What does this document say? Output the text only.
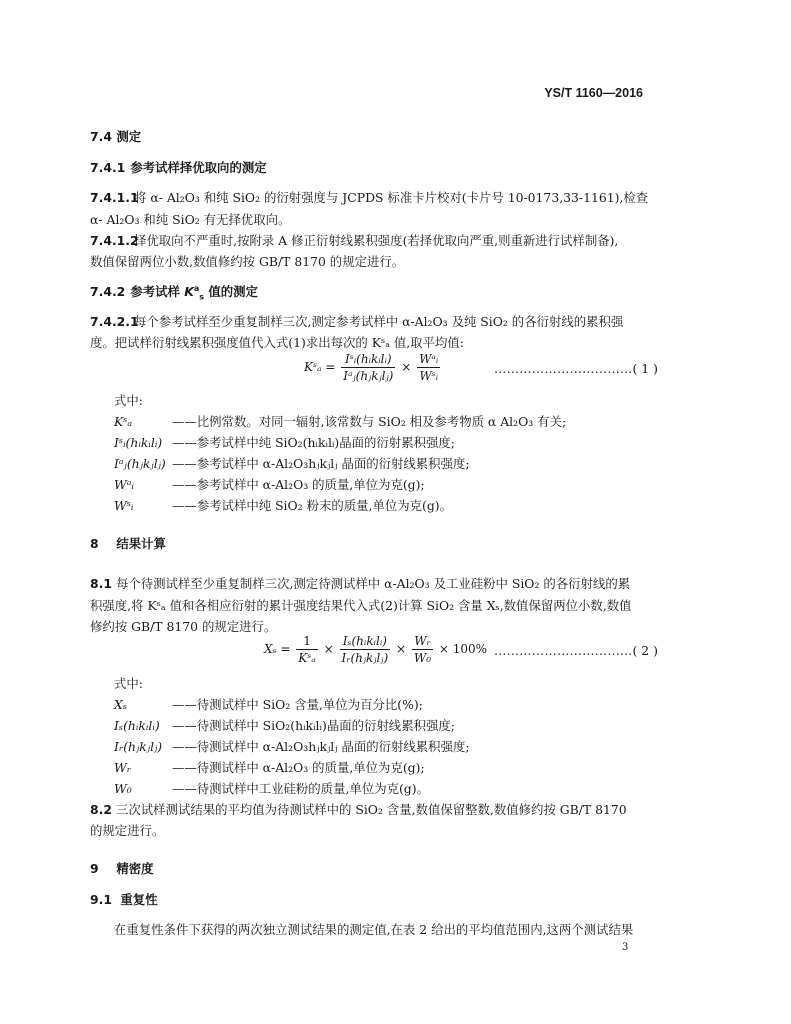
YS/T 1160—2016
7.4 测定
7.4.1 参考试样择优取向的测定
7.4.1.1将 α- Al₂O₃ 和纯 SiO₂ 的衍射强度与 JCPDS 标准卡片校对(卡片号 10-0173,33-1161),检查
α- Al₂O₃ 和纯 SiO₂ 有无择优取向。
7.4.1.2择优取向不严重时,按附录 A 修正衍射线累积强度(若择优取向严重,则重新进行试样制备),
数值保留两位小数,数值修约按 GB/T 8170 的规定进行。
7.4.2 参考试样 $K^a_s$ 值的测定
7.4.2.1每个参考试样至少重复制样三次,测定参考试样中 α-Al₂O₃ 及纯 SiO₂ 的各衍射线的累积强
度。把试样衍射线累积强度值代入式(1)求出每次的 Kˢₐ 值,取平均值:
Kˢₐ = $\frac{\text{Iˢᵢ(hᵢkᵢlᵢ)}}{\text{Iᵃⱼ(hⱼkⱼlⱼ)}} \times \frac{\text{Wᵃᵢ}}{\text{Wˢᵢ}}$	……………………………( 1 )
式中:
Kˢₐ	——比例常数。对同一辐射,该常数与 SiO₂ 相及参考物质 α Al₂O₃ 有关;
Iˢᵢ(hᵢkᵢlᵢ) ——参考试样中纯 SiO₂(hᵢkᵢlᵢ)晶面的衍射累积强度;
Iᵃⱼ(hⱼkⱼlⱼ) ——参考试样中 α-Al₂O₃hⱼkⱼlⱼ 晶面的衍射线累积强度;
Wᵃᵢ	——参考试样中 α-Al₂O₃ 的质量,单位为克(g);
Wˢᵢ	——参考试样中纯 SiO₂ 粉末的质量,单位为克(g)。
8 结果计算
8.1 每个待测试样至少重复制样三次,测定待测试样中 α-Al₂O₃ 及工业硅粉中 SiO₂ 的各衍射线的累
积强度,将 Kˢₐ 值和各相应衍射的累计强度结果代入式(2)计算 SiO₂ 含量 Xₛ,数值保留两位小数,数值
修约按 GB/T 8170 的规定进行。
$X_s = \frac{1}{\text{Kˢₐ}} \times \frac{\text{Iₛ(hᵢkᵢlᵢ)}}{\text{Iᵣ(hⱼkⱼlⱼ)}} \times \frac{\text{Wᵣ}}{\text{W₀}} \times 100\%$ ……………………………( 2 )
式中:
Xₛ	——待测试样中 SiO₂ 含量,单位为百分比(%);
Iₛ(hᵢkᵢlᵢ) ——待测试样中 SiO₂(hᵢkᵢlᵢ)晶面的衍射线累积强度;
Iᵣ(hⱼkⱼlⱼ) ——待测试样中 α-Al₂O₃hⱼkⱼlⱼ 晶面的衍射线累积强度;
Wᵣ	——待测试样中 α-Al₂O₃ 的质量,单位为克(g);
W₀	——待测试样中工业硅粉的质量,单位为克(g)。
8.2 三次试样测试结果的平均值为待测试样中的 SiO₂ 含量,数值保留整数,数值修约按 GB/T 8170
的规定进行。
9 精密度
9.1 重复性
在重复性条件下获得的两次独立测试结果的测定值,在表 2 给出的平均值范围内,这两个测试结果
3
